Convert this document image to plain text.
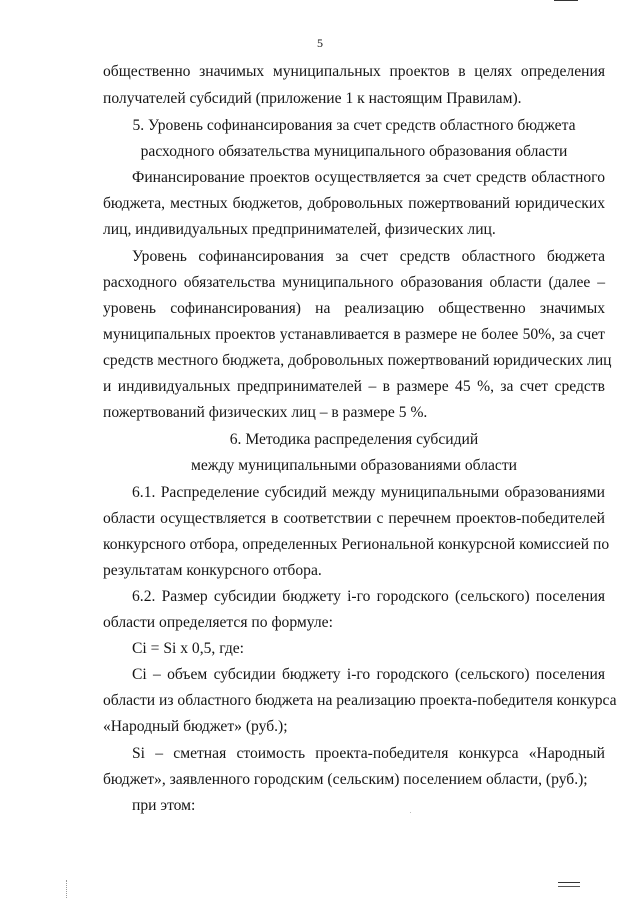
5
общественно значимых муниципальных проектов в целях определения
получателей субсидий (приложение 1 к настоящим Правилам).
5. Уровень софинансирования за счет средств областного бюджета
расходного обязательства муниципального образования области
Финансирование проектов осуществляется за счет средств областного
бюджета, местных бюджетов, добровольных пожертвований юридических
лиц, индивидуальных предпринимателей, физических лиц.
Уровень софинансирования за счет средств областного бюджета
расходного обязательства муниципального образования области (далее –
уровень софинансирования) на реализацию общественно значимых
муниципальных проектов устанавливается в размере не более 50%, за счет
средств местного бюджета, добровольных пожертвований юридических лиц
и индивидуальных предпринимателей – в размере 45 %, за счет средств
пожертвований физических лиц – в размере 5 %.
6. Методика распределения субсидий
между муниципальными образованиями области
6.1. Распределение субсидий между муниципальными образованиями
области осуществляется в соответствии с перечнем проектов-победителей
конкурсного отбора, определенных Региональной конкурсной комиссией по
результатам конкурсного отбора.
6.2. Размер субсидии бюджету i-го городского (сельского) поселения
области определяется по формуле:
Ci = Si x 0,5, где:
Ci – объем субсидии бюджету i-го городского (сельского) поселения
области из областного бюджета на реализацию проекта-победителя конкурса
«Народный бюджет» (руб.);
Si – сметная стоимость проекта-победителя конкурса «Народный
бюджет», заявленного городским (сельским) поселением области, (руб.);
при этом:
